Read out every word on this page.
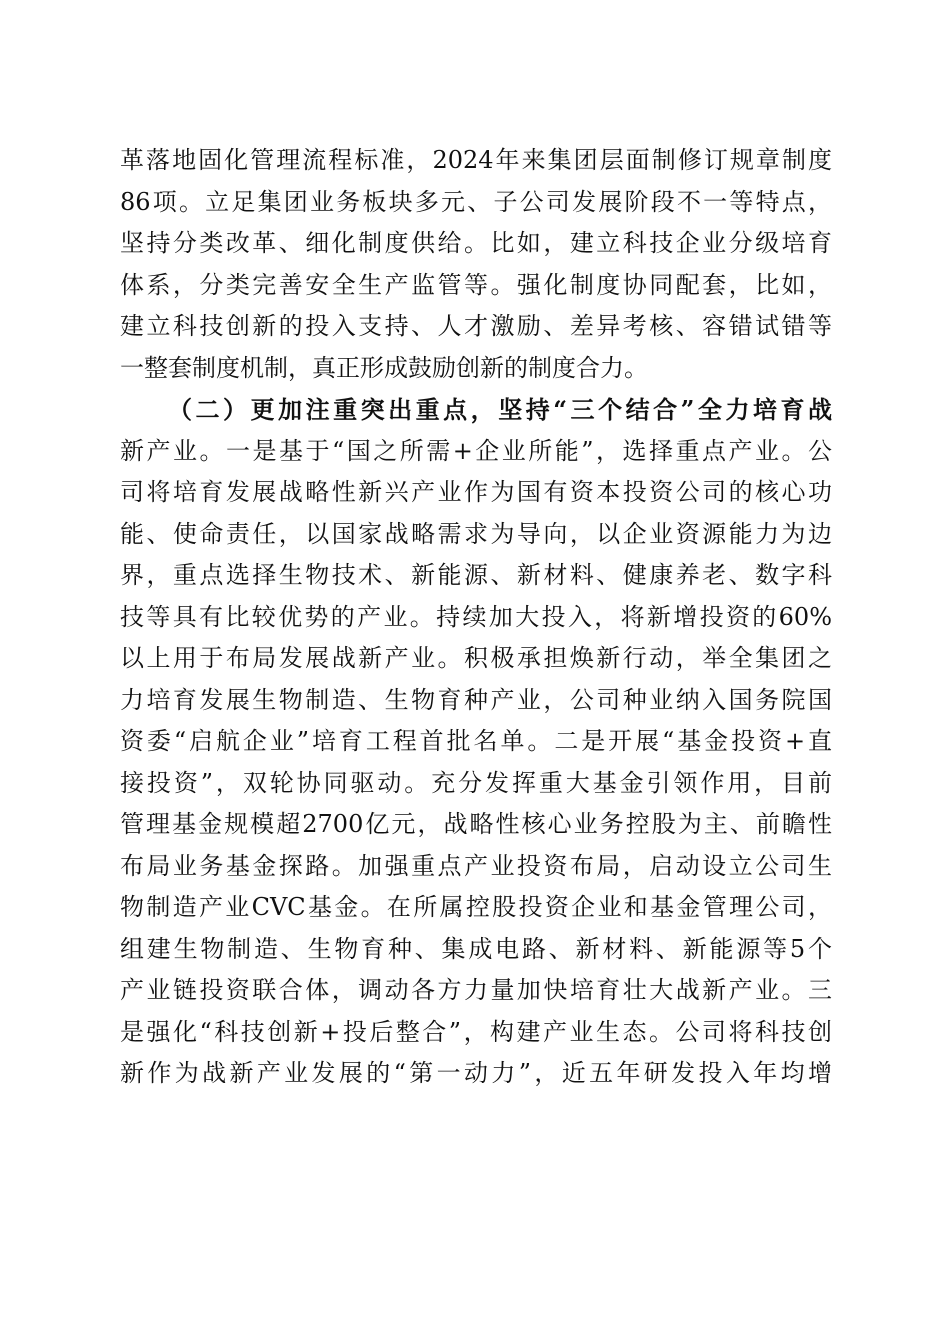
革落地固化管理流程标准，2024年来集团层面制修订规章制度
86项。立足集团业务板块多元、子公司发展阶段不一等特点，
坚持分类改革、细化制度供给。比如，建立科技企业分级培育
体系，分类完善安全生产监管等。强化制度协同配套，比如，
建立科技创新的投入支持、人才激励、差异考核、容错试错等
一整套制度机制，真正形成鼓励创新的制度合力。
（二）更加注重突出重点，坚持“三个结合”全力培育战
新产业。一是基于“国之所需+企业所能”，选择重点产业。公
司将培育发展战略性新兴产业作为国有资本投资公司的核心功
能、使命责任，以国家战略需求为导向，以企业资源能力为边
界，重点选择生物技术、新能源、新材料、健康养老、数字科
技等具有比较优势的产业。持续加大投入，将新增投资的60%
以上用于布局发展战新产业。积极承担焕新行动，举全集团之
力培育发展生物制造、生物育种产业，公司种业纳入国务院国
资委“启航企业”培育工程首批名单。二是开展“基金投资+直
接投资”，双轮协同驱动。充分发挥重大基金引领作用，目前
管理基金规模超2700亿元，战略性核心业务控股为主、前瞻性
布局业务基金探路。加强重点产业投资布局，启动设立公司生
物制造产业CVC基金。在所属控股投资企业和基金管理公司，
组建生物制造、生物育种、集成电路、新材料、新能源等5个
产业链投资联合体，调动各方力量加快培育壮大战新产业。三
是强化“科技创新+投后整合”，构建产业生态。公司将科技创
新作为战新产业发展的“第一动力”，近五年研发投入年均增
